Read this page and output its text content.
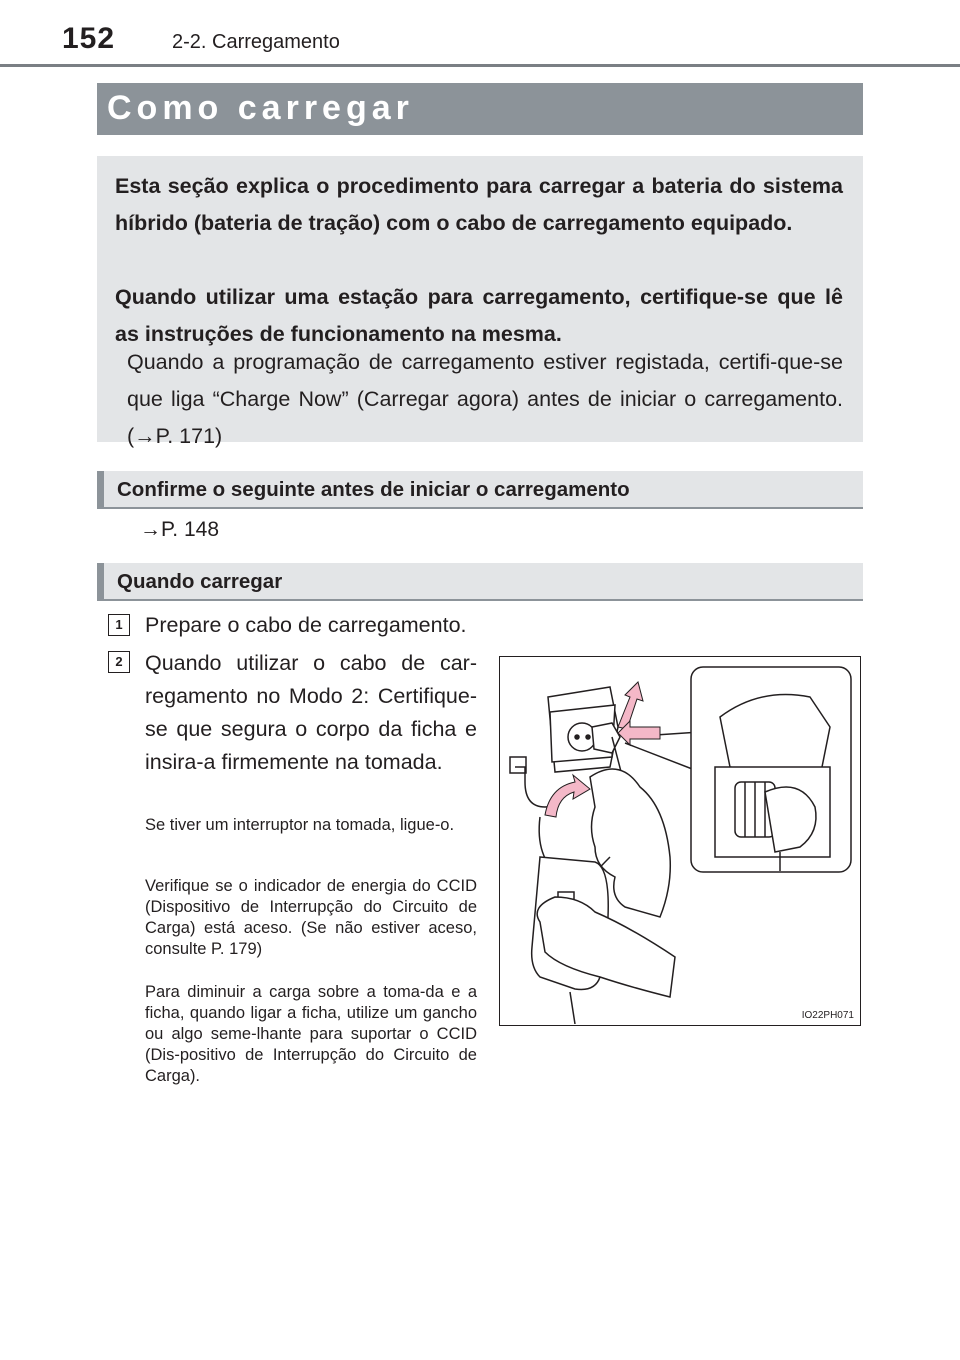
152	2-2. Carregamento
Como carregar
Esta seção explica o procedimento para carregar a bateria do sistema híbrido (bateria de tração) com o cabo de carregamento equipado.
Quando utilizar uma estação para carregamento, certifique-se que lê as instruções de funcionamento na mesma.
Quando a programação de carregamento estiver registada, certifi-que-se que liga “Charge Now” (Carregar agora) antes de iniciar o carregamento. (→P. 171)
Confirme o seguinte antes de iniciar o carregamento
→P. 148
Quando carregar
1	Prepare o cabo de carregamento.
2	Quando utilizar o cabo de car-regamento no Modo 2: Certifique-se que segura o corpo da ficha e insira-a firmemente na tomada.
Se tiver um interruptor na tomada, ligue-o.
Verifique se o indicador de energia do CCID (Dispositivo de Interrupção do Circuito de Carga) está aceso. (Se não estiver aceso, consulte P. 179)
Para diminuir a carga sobre a toma-da e a ficha, quando ligar a ficha, utilize um gancho ou algo seme-lhante para suportar o CCID (Dis-positivo de Interrupção do Circuito de Carga).
IO22PH071
